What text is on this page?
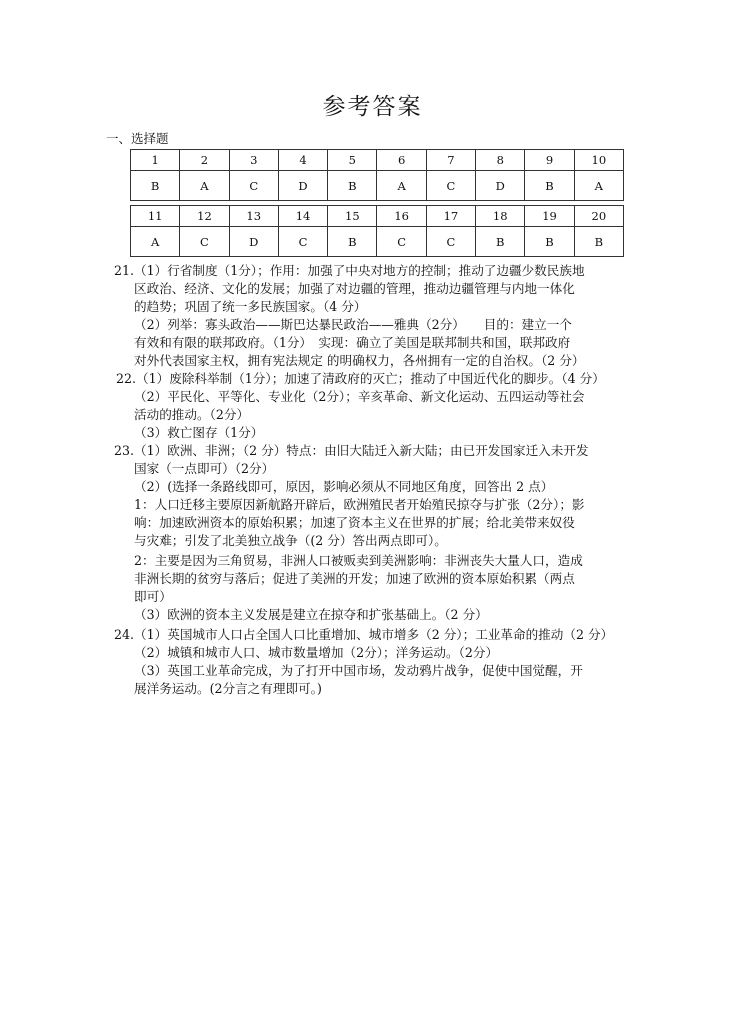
参考答案
一、选择题
1	2	3	4	5	6	7	8	9	10
B	A	C	D	B	A	C	D	B	A
11	12	13	14	15	16	17	18	19	20
A	C	D	C	B	C	C	B	B	B
21.（1）行省制度（1分）；作用：加强了中央对地方的控制；推动了边疆少数民族地
区政治、经济、文化的发展；加强了对边疆的管理，推动边疆管理与内地一体化
的趋势；巩固了统一多民族国家。（4 分）
（2）列举：寡头政治——斯巴达暴民政治——雅典（2分）　　目的：建立一个
有效和有限的联邦政府。（1分）　实现：确立了美国是联邦制共和国，联邦政府
对外代表国家主权，拥有宪法规定 的明确权力，各州拥有一定的自治权。（2 分）
22.（1）废除科举制（1分）；加速了清政府的灭亡；推动了中国近代化的脚步。（4 分）
（2）平民化、平等化、专业化（2分）；辛亥革命、新文化运动、五四运动等社会
活动的推动。（2分）
（3）救亡图存（1分）
23.（1）欧洲、非洲；（2 分）特点：由旧大陆迁入新大陆；由已开发国家迁入未开发
国家（一点即可）（2分）
（2）(选择一条路线即可，原因，影响必须从不同地区角度，回答出 2 点）
1：人口迁移主要原因新航路开辟后，欧洲殖民者开始殖民掠夺与扩张（2分）；影
响：加速欧洲资本的原始积累；加速了资本主义在世界的扩展；给北美带来奴役
与灾难；引发了北美独立战争（(2 分）答出两点即可）。
2：主要是因为三角贸易，非洲人口被贩卖到美洲影响：非洲丧失大量人口，造成
非洲长期的贫穷与落后；促进了美洲的开发；加速了欧洲的资本原始积累（两点
即可）
（3）欧洲的资本主义发展是建立在掠夺和扩张基础上。（2 分）
24.（1）英国城市人口占全国人口比重增加、城市增多（2 分）；工业革命的推动（2 分）
（2）城镇和城市人口、城市数量增加（2分）；洋务运动。（2分）
（3）英国工业革命完成，为了打开中国市场，发动鸦片战争，促使中国觉醒，开
展洋务运动。(2分言之有理即可。)
